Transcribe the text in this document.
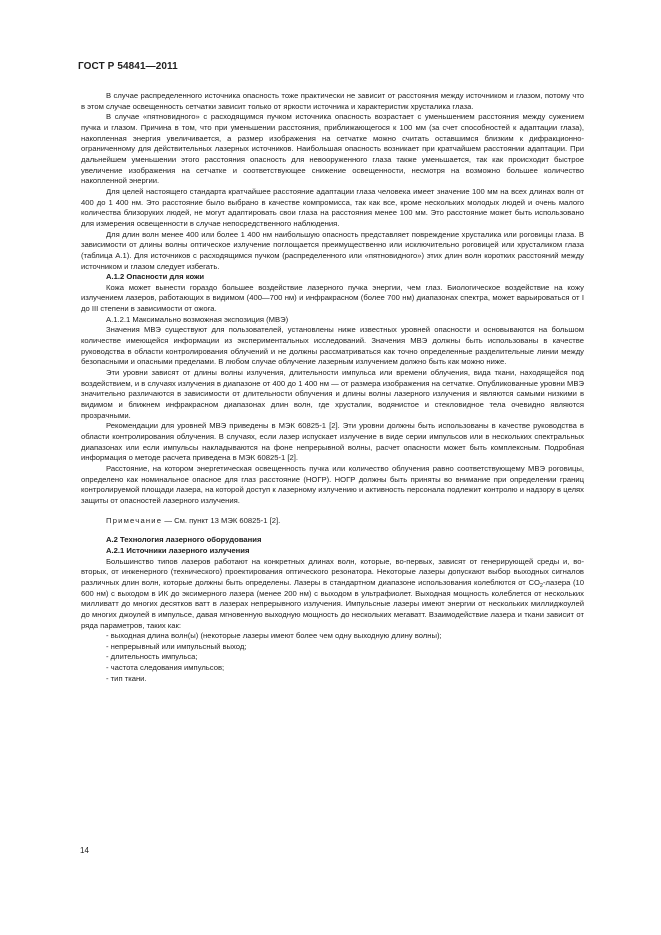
ГОСТ Р 54841—2011

В случае распределенного источника опасность тоже практически не зависит от расстояния между источником и глазом, потому что в этом случае освещенность сетчатки зависит только от яркости источника и характеристик хрусталика глаза.

В случае «пятновидного» с расходящимся пучком источника опасность возрастает с уменьшением расстояния между сужением пучка и глазом. Причина в том, что при уменьшении расстояния, приближающегося к 100 мм (за счет способностей к адаптации глаза), накопленная энергия увеличивается, а размер изображения на сетчатке можно считать оставшимся близким к дифракционно-ограниченному для действительных лазерных источников. Наибольшая опасность возникает при кратчайшем расстоянии адаптации. При дальнейшем уменьшении этого расстояния опасность для невооруженного глаза также уменьшается, так как происходит быстрое увеличение изображения на сетчатке и соответствующее снижение освещенности, несмотря на возможно большее количество накопленной энергии.

Для целей настоящего стандарта кратчайшее расстояние адаптации глаза человека имеет значение 100 мм на всех длинах волн от 400 до 1 400 нм. Это расстояние было выбрано в качестве компромисса, так как все, кроме нескольких молодых людей и очень малого количества близоруких людей, не могут адаптировать свои глаза на расстояния менее 100 мм. Это расстояние может быть использовано для измерения освещенности в случае непосредственного наблюдения.

Для длин волн менее 400 или более 1 400 нм наибольшую опасность представляет повреждение хрусталика или роговицы глаза. В зависимости от длины волны оптическое излучение поглощается преимущественно или исключительно роговицей или хрусталиком глаза (таблица А.1). Для источников с расходящимся пучком (распределенного или «пятновидного») этих длин волн коротких расстояний между источником и глазом следует избегать.

А.1.2 Опасности для кожи

Кожа может вынести гораздо большее воздействие лазерного пучка энергии, чем глаз. Биологическое воздействие на кожу излучением лазеров, работающих в видимом (400—700 нм) и инфракрасном (более 700 нм) диапазонах спектра, может варьироваться от I до III степени в зависимости от ожога.

А.1.2.1 Максимально возможная экспозиция (МВЭ)

Значения МВЭ существуют для пользователей, установлены ниже известных уровней опасности и основываются на большом количестве имеющейся информации из экспериментальных исследований. Значения МВЭ должны быть использованы в качестве руководства в области контролирования облучений и не должны рассматриваться как точно определенные разделительные линии между безопасными и опасными пределами. В любом случае облучение лазерным излучением должно быть как можно ниже.

Эти уровни зависят от длины волны излучения, длительности импульса или времени облучения, вида ткани, находящейся под воздействием, и в случаях излучения в диапазоне от 400 до 1 400 нм — от размера изображения на сетчатке. Опубликованные уровни МВЭ значительно различаются в зависимости от длительности облучения и длины волны лазерного излучения и являются самыми низкими в видимом и ближнем инфракрасном диапазонах длин волн, где хрусталик, водянистое и стекловидное тела очевидно являются прозрачными.

Рекомендации для уровней МВЭ приведены в МЭК 60825-1 [2]. Эти уровни должны быть использованы в качестве руководства в области контролирования облучения. В случаях, если лазер испускает излучение в виде серии импульсов или в нескольких спектральных диапазонах или если импульсы накладываются на фоне непрерывной волны, расчет опасности может быть комплексным. Подробная информация о методе расчета приведена в МЭК 60825-1 [2].

Расстояние, на котором энергетическая освещенность пучка или количество облучения равно соответствующему МВЭ роговицы, определено как номинальное опасное для глаз расстояние (НОГР). НОГР должны быть приняты во внимание при определении границ контролируемой площади лазера, на которой доступ к лазерному излучению и активность персонала подлежит контролю и надзору в целях защиты от опасностей лазерного излучения.

Примечание — См. пункт 13 МЭК 60825-1 [2].

А.2 Технология лазерного оборудования

А.2.1 Источники лазерного излучения

Большинство типов лазеров работают на конкретных длинах волн, которые, во-первых, зависят от генерирующей среды и, во-вторых, от инженерного (технического) проектирования оптического резонатора. Некоторые лазеры допускают выбор выходных сигналов различных длин волн, которые должны быть определены. Лазеры в стандартном диапазоне использования колеблются от $CO_2$-лазера (10 600 нм) с выходом в ИК до эксимерного лазера (менее 200 нм) с выходом в ультрафиолет. Выходная мощность колеблется от нескольких милливатт до многих десятков ватт в лазерах непрерывного излучения. Импульсные лазеры имеют энергии от нескольких миллиджоулей до многих джоулей в импульсе, давая мгновенную выходную мощность до нескольких мегаватт. Взаимодействие лазера и ткани зависит от ряда параметров, таких как:

- выходная длина волн(ы) (некоторые лазеры имеют более чем одну выходную длину волны);
- непрерывный или импульсный выход;
- длительность импульса;
- частота следования импульсов;
- тип ткани.
14
